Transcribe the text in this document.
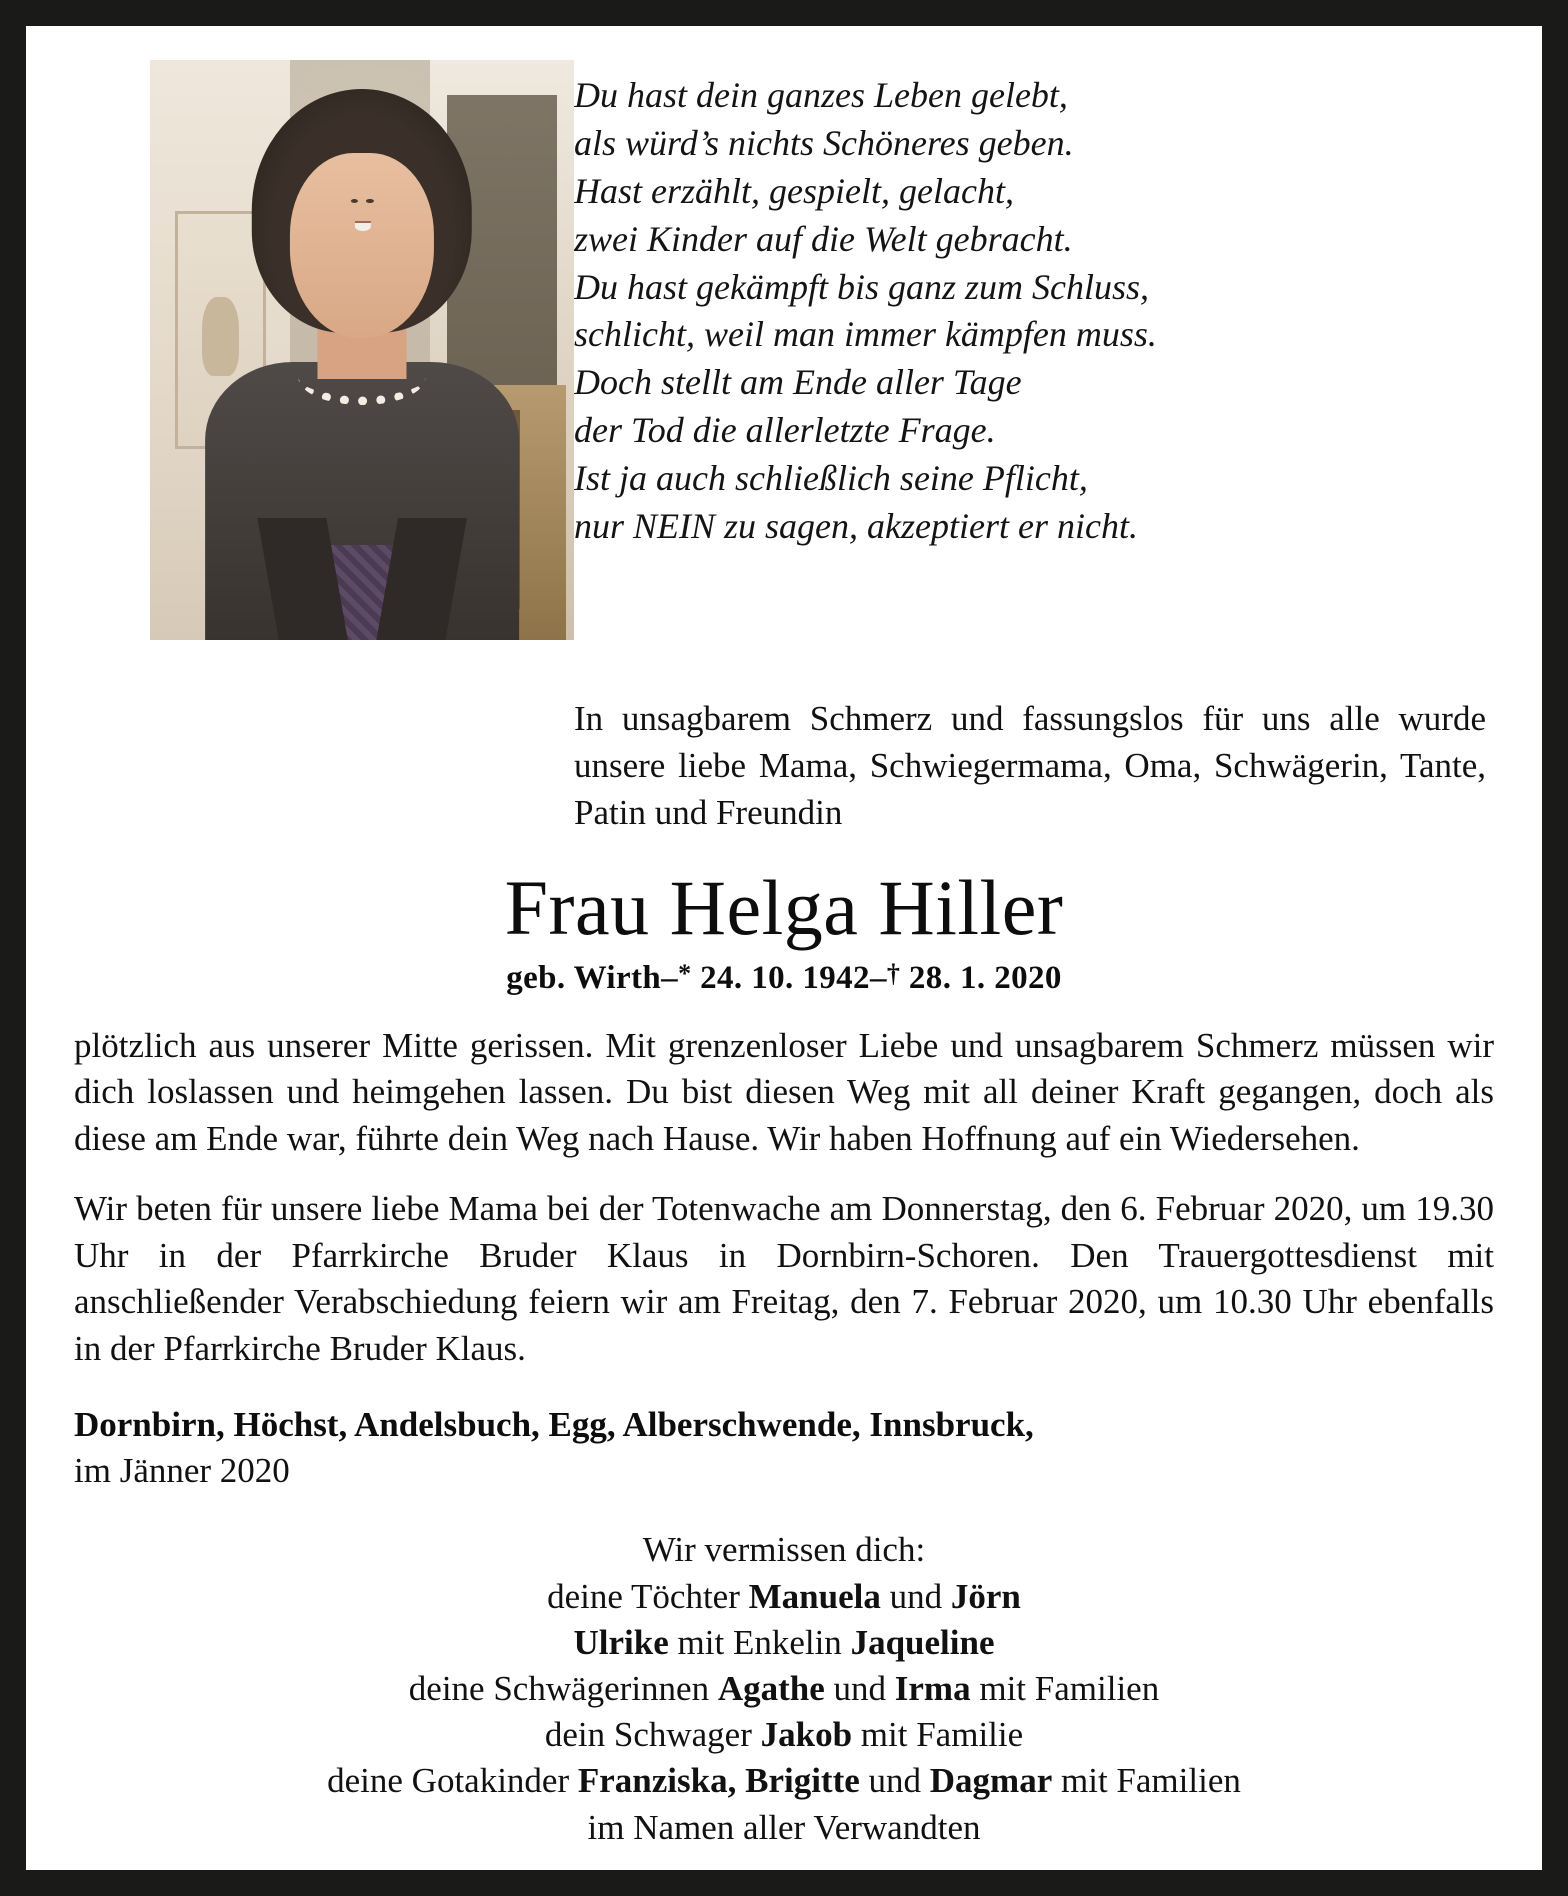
Du hast dein ganzes Leben gelebt,
als würd’s nichts Schöneres geben.
Hast erzählt, gespielt, gelacht,
zwei Kinder auf die Welt gebracht.
Du hast gekämpft bis ganz zum Schluss,
schlicht, weil man immer kämpfen muss.
Doch stellt am Ende aller Tage
der Tod die allerletzte Frage.
Ist ja auch schließlich seine Pflicht,
nur NEIN zu sagen, akzeptiert er nicht.
In unsagbarem Schmerz und fassungslos für uns alle wurde unsere liebe Mama, Schwiegermama, Oma, Schwägerin, Tante, Patin und Freundin
Frau Helga Hiller
geb. Wirth–* 24. 10. 1942–† 28. 1. 2020
plötzlich aus unserer Mitte gerissen. Mit grenzenloser Liebe und unsagbarem Schmerz müssen wir dich loslassen und heimgehen lassen. Du bist diesen Weg mit all deiner Kraft gegangen, doch als diese am Ende war, führte dein Weg nach Hause. Wir haben Hoffnung auf ein Wiedersehen.
Wir beten für unsere liebe Mama bei der Totenwache am Donnerstag, den 6. Februar 2020, um 19.30 Uhr in der Pfarrkirche Bruder Klaus in Dornbirn-Schoren. Den Trauergottesdienst mit anschließender Verabschiedung feiern wir am Freitag, den 7. Februar 2020, um 10.30 Uhr ebenfalls in der Pfarrkirche Bruder Klaus.
Dornbirn, Höchst, Andelsbuch, Egg, Alberschwende, Innsbruck,
im Jänner 2020
Wir vermissen dich:
deine Töchter Manuela und Jörn
Ulrike mit Enkelin Jaqueline
deine Schwägerinnen Agathe und Irma mit Familien
dein Schwager Jakob mit Familie
deine Gotakinder Franziska, Brigitte und Dagmar mit Familien
im Namen aller Verwandten
